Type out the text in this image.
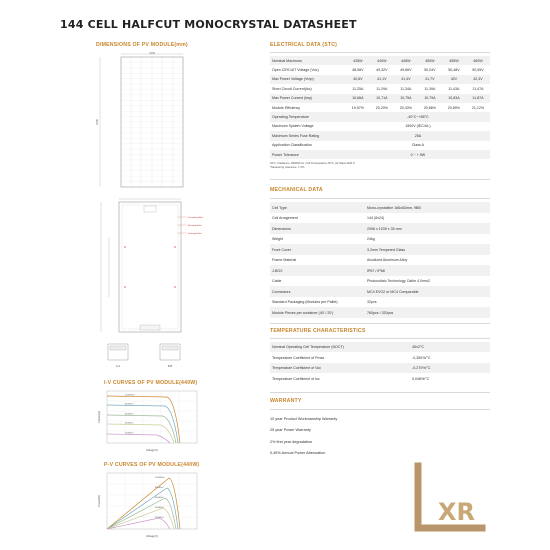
144 CELL HALFCUT MONOCRYSTAL DATASHEET
DIMENSIONS OF PV MODULE(mm)
1039
2096
Grounding Holes
Mounting Holes
Drainage Holes
A-A	B-B
I-V CURVES OF PV MODULE(440W)
1000W/m2
800W/m2
600W/m2
400W/m2
200W/m2
Voltage(V)
Current(A)
P-V CURVES OF PV MODULE(440W)
1000W/m2
800W/m2
600W/m2
400W/m2
200W/m2
Voltage(V)
Power(W)
ELECTRICAL DATA (STC)
Nominal Maximum	435W	440W	445W	450W	455W	460W
Open CIRCUIT Voltage (Voc)	48,98V	49,32V	49,66V	50,04V	50,48V	50,95V
Max Power Voltage (Vmp)	40,8V	41,1V	41,4V	41,7V	42V	42,3V
Short Circuit Current(Isc)	11,25A	11,29A	11,34A	11,39A	11,43A	11,47A
Max Power Current (Imp)	10,66A	10,71A	10,75A	10,79A	10,83A	11,87A
Module Efficiency	19,97%	20,20%	20,43%	20,66%	20,89%	21,12%
Operating Temperature	-40°C~+85°C					
Maximum System Voltage	1500V (IEC/UL)					
Maximum Series Fuse Rating	25A					
Application Classification	Class A					
Power Tolerance	0 ~ + 5W					
STC: Irradiance 1000W/m2, Cell Temperature 25°C, Air Mass AM1.5
*Measuring tolerance: ± 3%
MECHANICAL DATA
Cell Type	Mono-crystalline 166x83mm, 9BB
Cell Arragement	144 (6x24)
Dimensions	2096 x 1039 x 35 mm
Weight	24kg
Front Cover	3.2mm Tempered Glass
Frame Material	Anodized Aluminum Alloy
J-BOX	IP67 / IP68
Cable	Photovoltaic Technology Cable 4.0mm2
Connectors	MC4 EVO2 or MC4 Comparable
Standard Packaging (Modules per Pallet)	32pcs
Module Pieces per container (40' / 20')	760pcs / 320pcs
TEMPERATURE CHARACTERISTICS
Nominal Operating Cell Temperature (NOCT)	45±2°C
Temperature Coefficient of Pmax	-0,350%/°C
Temperature Coefficient of Voc	-0,270%/°C
Temperature Coefficient of Isc	0,048%/°C
WARRANTY
10 year Product Workmanship Warranty
25 year Power Warranty
2% first year degradation
0,45% Annual Power Attenuation
XR
